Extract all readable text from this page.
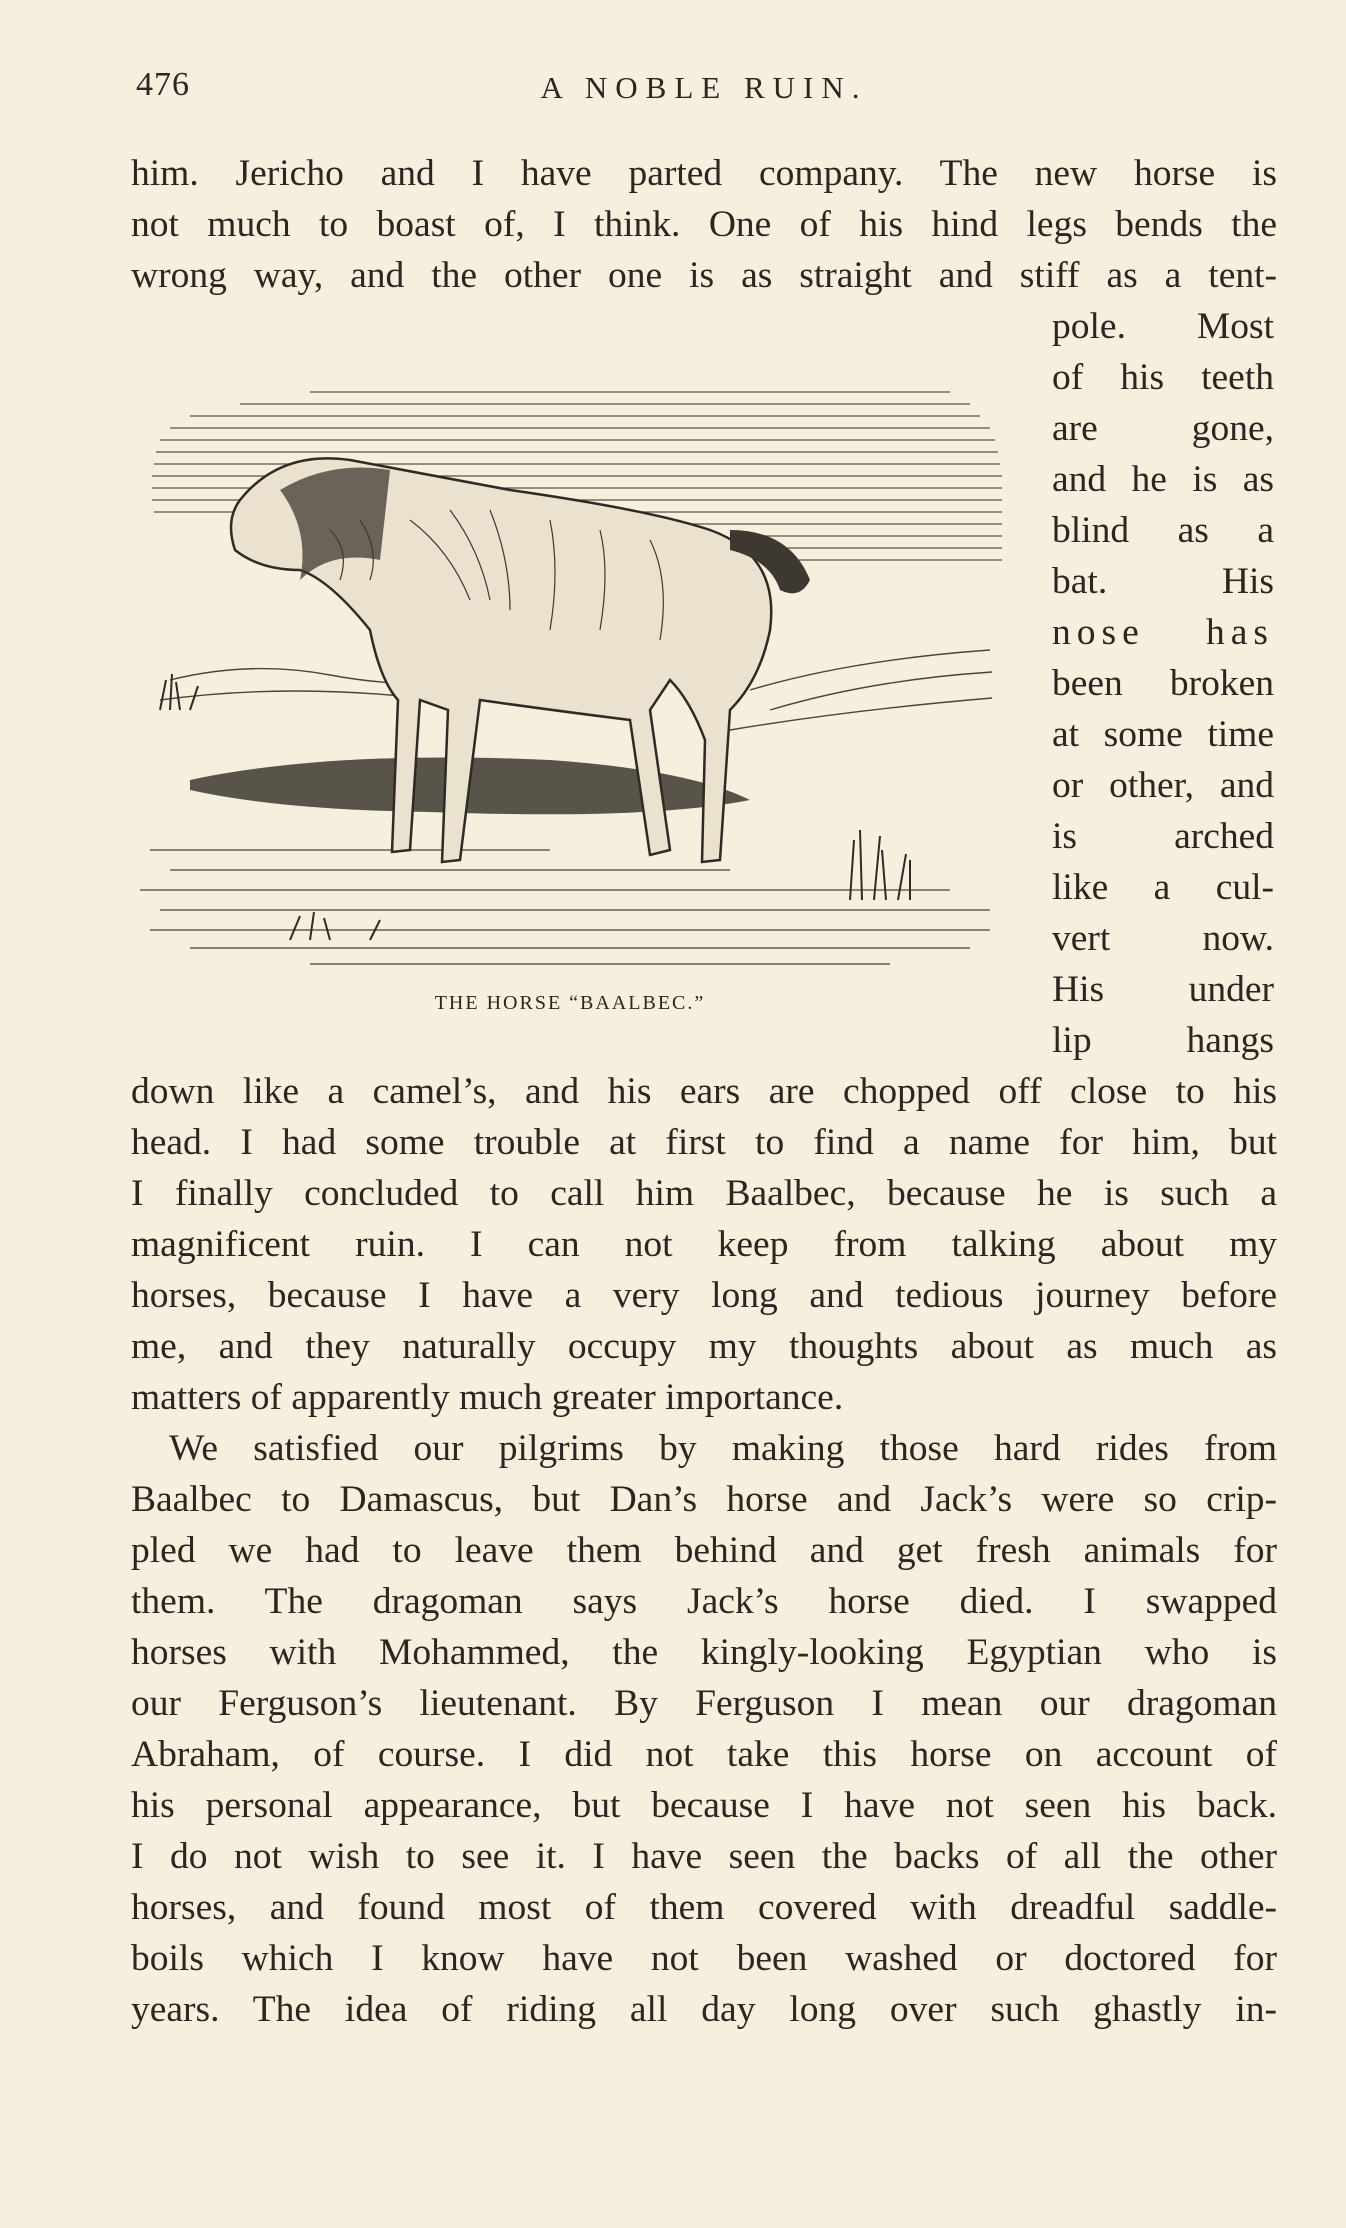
476	A NOBLE RUIN.
him. Jericho and I have parted company. The new horse is
not much to boast of, I think. One of his hind legs bends the
wrong way, and the other one is as straight and stiff as a tent-
pole. Most
of his teeth
are gone,
and he is as
blind as a
bat. His
nose has
been broken
at some time
or other, and
is arched
like a cul-
vert now.
His under
lip hangs
THE HORSE “BAALBEC.”
down like a camel’s, and his ears are chopped off close to his
head. I had some trouble at first to find a name for him, but
I finally concluded to call him Baalbec, because he is such a
magnificent ruin. I can not keep from talking about my
horses, because I have a very long and tedious journey before
me, and they naturally occupy my thoughts about as much as
matters of apparently much greater importance.
We satisfied our pilgrims by making those hard rides from
Baalbec to Damascus, but Dan’s horse and Jack’s were so crip-
pled we had to leave them behind and get fresh animals for
them. The dragoman says Jack’s horse died. I swapped
horses with Mohammed, the kingly-looking Egyptian who is
our Ferguson’s lieutenant. By Ferguson I mean our dragoman
Abraham, of course. I did not take this horse on account of
his personal appearance, but because I have not seen his back.
I do not wish to see it. I have seen the backs of all the other
horses, and found most of them covered with dreadful saddle-
boils which I know have not been washed or doctored for
years. The idea of riding all day long over such ghastly in-
